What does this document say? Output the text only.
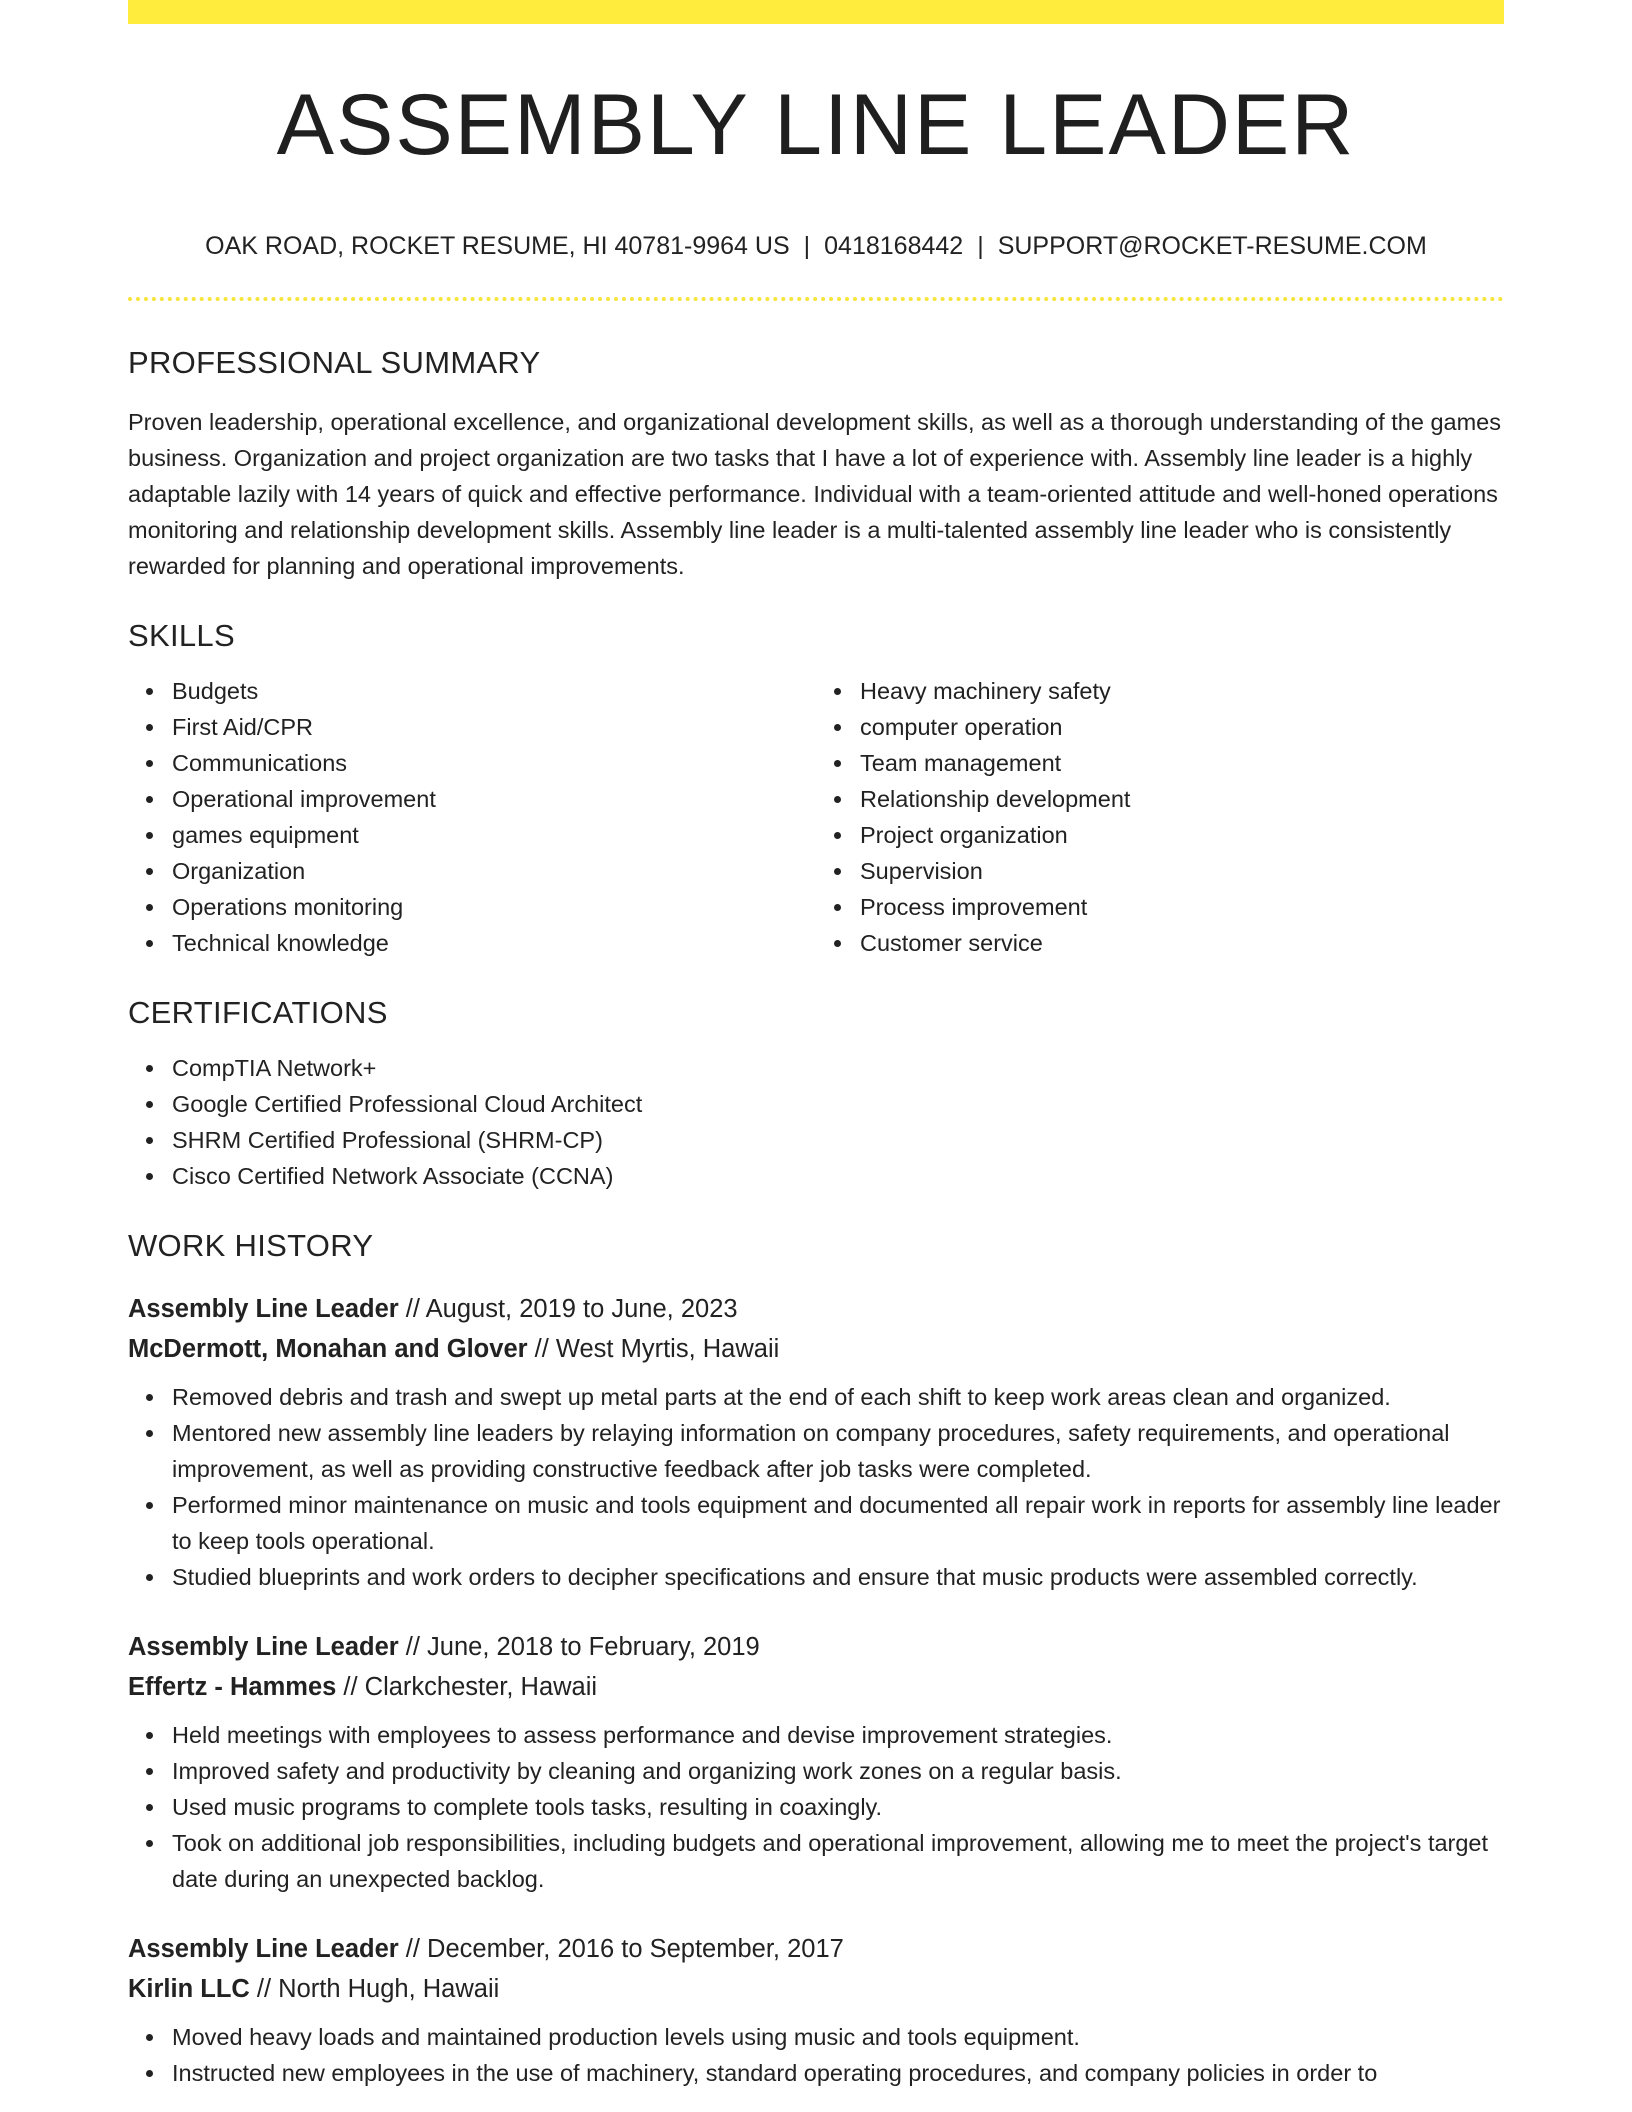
ASSEMBLY LINE LEADER
OAK ROAD, ROCKET RESUME, HI 40781-9964 US | 0418168442 | SUPPORT@ROCKET-RESUME.COM
PROFESSIONAL SUMMARY

Proven leadership, operational excellence, and organizational development skills, as well as a thorough understanding of the games business. Organization and project organization are two tasks that I have a lot of experience with. Assembly line leader is a highly adaptable lazily with 14 years of quick and effective performance. Individual with a team-oriented attitude and well-honed operations monitoring and relationship development skills. Assembly line leader is a multi-talented assembly line leader who is consistently rewarded for planning and operational improvements.

SKILLS
Budgets
First Aid/CPR
Communications
Operational improvement
games equipment
Organization
Operations monitoring
Technical knowledge
Heavy machinery safety
computer operation
Team management
Relationship development
Project organization
Supervision
Process improvement
Customer service
CERTIFICATIONS
CompTIA Network+
Google Certified Professional Cloud Architect
SHRM Certified Professional (SHRM-CP)
Cisco Certified Network Associate (CCNA)
WORK HISTORY
Assembly Line Leader // August, 2019 to June, 2023
McDermott, Monahan and Glover // West Myrtis, Hawaii
Removed debris and trash and swept up metal parts at the end of each shift to keep work areas clean and organized.
Mentored new assembly line leaders by relaying information on company procedures, safety requirements, and operational improvement, as well as providing constructive feedback after job tasks were completed.
Performed minor maintenance on music and tools equipment and documented all repair work in reports for assembly line leader to keep tools operational.
Studied blueprints and work orders to decipher specifications and ensure that music products were assembled correctly.
Assembly Line Leader // June, 2018 to February, 2019
Effertz - Hammes // Clarkchester, Hawaii
Held meetings with employees to assess performance and devise improvement strategies.
Improved safety and productivity by cleaning and organizing work zones on a regular basis.
Used music programs to complete tools tasks, resulting in coaxingly.
Took on additional job responsibilities, including budgets and operational improvement, allowing me to meet the project's target date during an unexpected backlog.
Assembly Line Leader // December, 2016 to September, 2017
Kirlin LLC // North Hugh, Hawaii
Moved heavy loads and maintained production levels using music and tools equipment.
Instructed new employees in the use of machinery, standard operating procedures, and company policies in order to
